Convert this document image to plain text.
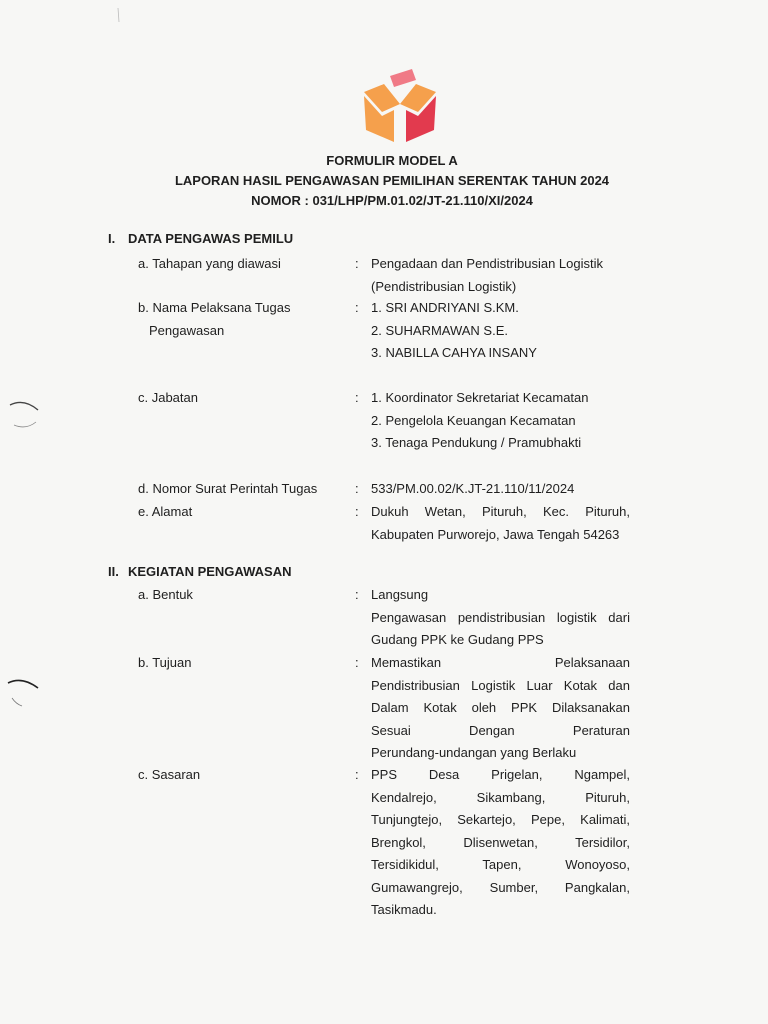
FORMULIR MODEL A
LAPORAN HASIL PENGAWASAN PEMILIHAN SERENTAK TAHUN 2024
NOMOR : 031/LHP/PM.01.02/JT-21.110/XI/2024
I. DATA PENGAWAS PEMILU
a. Tahapan yang diawasi	: Pengadaan dan Pendistribusian Logistik
(Pendistribusian Logistik)
b. Nama Pelaksana Tugas
Pengawasan
: 1. SRI ANDRIYANI S.KM.
2. SUHARMAWAN S.E.
3. NABILLA CAHYA INSANY
c. Jabatan	: 1. Koordinator Sekretariat Kecamatan
2. Pengelola Keuangan Kecamatan
3. Tenaga Pendukung / Pramubhakti
d. Nomor Surat Perintah Tugas	: 533/PM.00.02/K.JT-21.110/11/2024
e. Alamat	: Dukuh Wetan, Pituruh, Kec. Pituruh,
Kabupaten Purworejo, Jawa Tengah 54263
II. KEGIATAN PENGAWASAN
a. Bentuk	: Langsung
Pengawasan pendistribusian logistik dari
Gudang PPK ke Gudang PPS
b. Tujuan	: Memastikan Pelaksanaan
Pendistribusian Logistik Luar Kotak dan
Dalam Kotak oleh PPK Dilaksanakan
Sesuai Dengan Peraturan
Perundang-undangan yang Berlaku
c. Sasaran	: PPS Desa Prigelan, Ngampel,
Kendalrejo, Sikambang, Pituruh,
Tunjungtejo, Sekartejo, Pepe, Kalimati,
Brengkol, Dlisenwetan, Tersidilor,
Tersidikidul, Tapen, Wonoyoso,
Gumawangrejo, Sumber, Pangkalan,
Tasikmadu.
